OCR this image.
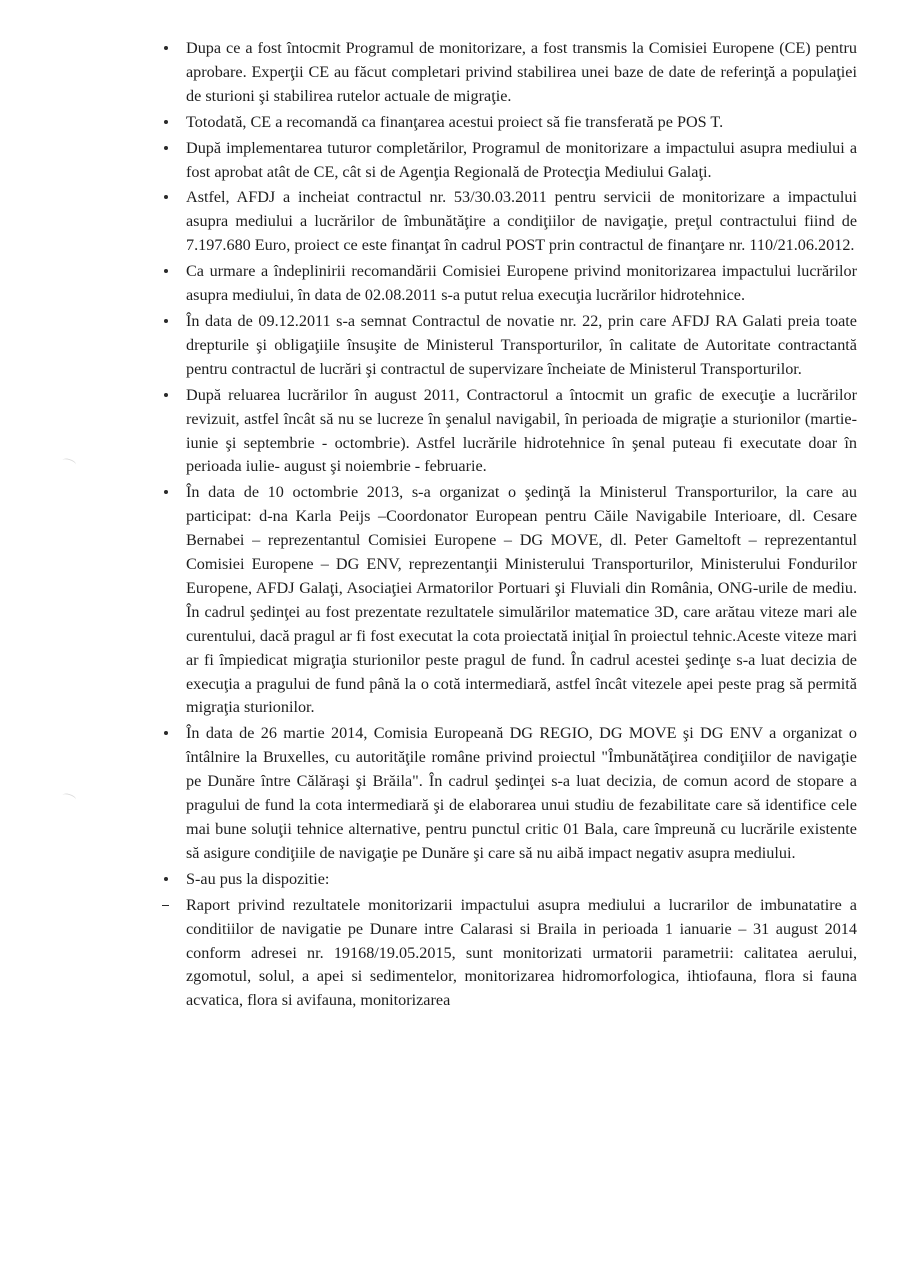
Dupa ce a fost întocmit Programul de monitorizare, a fost transmis la Comisiei Europene (CE) pentru aprobare. Experţii CE au făcut completari privind stabilirea unei baze de date de referinţă a populaţiei de sturioni şi stabilirea rutelor actuale de migraţie.
Totodată, CE a recomandă ca finanţarea acestui proiect să fie transferată pe POS T.
După implementarea tuturor completărilor, Programul de monitorizare a impactului asupra mediului a fost aprobat atât de CE, cât si de Agenţia Regională de Protecţia Mediului Galaţi.
Astfel, AFDJ a incheiat contractul nr. 53/30.03.2011 pentru servicii de monitorizare a impactului asupra mediului a lucrărilor de îmbunătăţire a condiţiilor de navigaţie, preţul contractului fiind de 7.197.680 Euro, proiect ce este finanţat în cadrul POST prin contractul de finanţare nr. 110/21.06.2012.
Ca urmare a îndeplinirii recomandării Comisiei Europene privind monitorizarea impactului lucrărilor asupra mediului, în data de 02.08.2011 s-a putut relua execuţia lucrărilor hidrotehnice.
În data de 09.12.2011 s-a semnat Contractul de novatie nr. 22, prin care AFDJ RA Galati preia toate drepturile şi obligaţiile însuşite de Ministerul Transporturilor, în calitate de Autoritate contractantă pentru contractul de lucrări şi contractul de supervizare încheiate de Ministerul Transporturilor.
După reluarea lucrărilor în august 2011, Contractorul a întocmit un grafic de execuţie a lucrărilor revizuit, astfel încât să nu se lucreze în şenalul navigabil, în perioada de migraţie a sturionilor (martie-iunie şi septembrie - octombrie). Astfel lucrările hidrotehnice în şenal puteau fi executate doar în perioada iulie- august şi noiembrie - februarie.
În data de 10 octombrie 2013, s-a organizat o şedinţă la Ministerul Transporturilor, la care au participat: d-na Karla Peijs –Coordonator European pentru Căile Navigabile Interioare, dl. Cesare Bernabei – reprezentantul Comisiei Europene – DG MOVE, dl. Peter Gameltoft – reprezentantul Comisiei Europene – DG ENV, reprezentanţii Ministerului Transporturilor, Ministerului Fondurilor Europene, AFDJ Galaţi, Asociaţiei Armatorilor Portuari şi Fluviali din România, ONG-urile de mediu. În cadrul şedinţei au fost prezentate rezultatele simulărilor matematice 3D, care arătau viteze mari ale curentului, dacă pragul ar fi fost executat la cota proiectată iniţial în proiectul tehnic.Aceste viteze mari ar fi împiedicat migraţia sturionilor peste pragul de fund. În cadrul acestei şedinţe s-a luat decizia de execuţia a pragului de fund până la o cotă intermediară, astfel încât vitezele apei peste prag să permită migraţia sturionilor.
În data de 26 martie 2014, Comisia Europeană DG REGIO, DG MOVE şi DG ENV a organizat o întâlnire la Bruxelles, cu autorităţile române privind proiectul "Îmbunătăţirea condiţiilor de navigaţie pe Dunăre între Călăraşi şi Brăila". În cadrul şedinţei s-a luat decizia, de comun acord de stopare a pragului de fund la cota intermediară şi de elaborarea unui studiu de fezabilitate care să identifice cele mai bune soluţii tehnice alternative, pentru punctul critic 01 Bala, care împreună cu lucrările existente să asigure condiţiile de navigaţie pe Dunăre şi care să nu aibă impact negativ asupra mediului.
S-au pus la dispozitie:
Raport privind rezultatele monitorizarii impactului asupra mediului a lucrarilor de imbunatatire a conditiilor de navigatie pe Dunare intre Calarasi si Braila in perioada 1 ianuarie – 31 august 2014 conform adresei nr. 19168/19.05.2015, sunt monitorizati urmatorii parametrii: calitatea aerului, zgomotul, solul, a apei si sedimentelor, monitorizarea hidromorfologica, ihtiofauna, flora si fauna acvatica, flora si avifauna, monitorizarea
